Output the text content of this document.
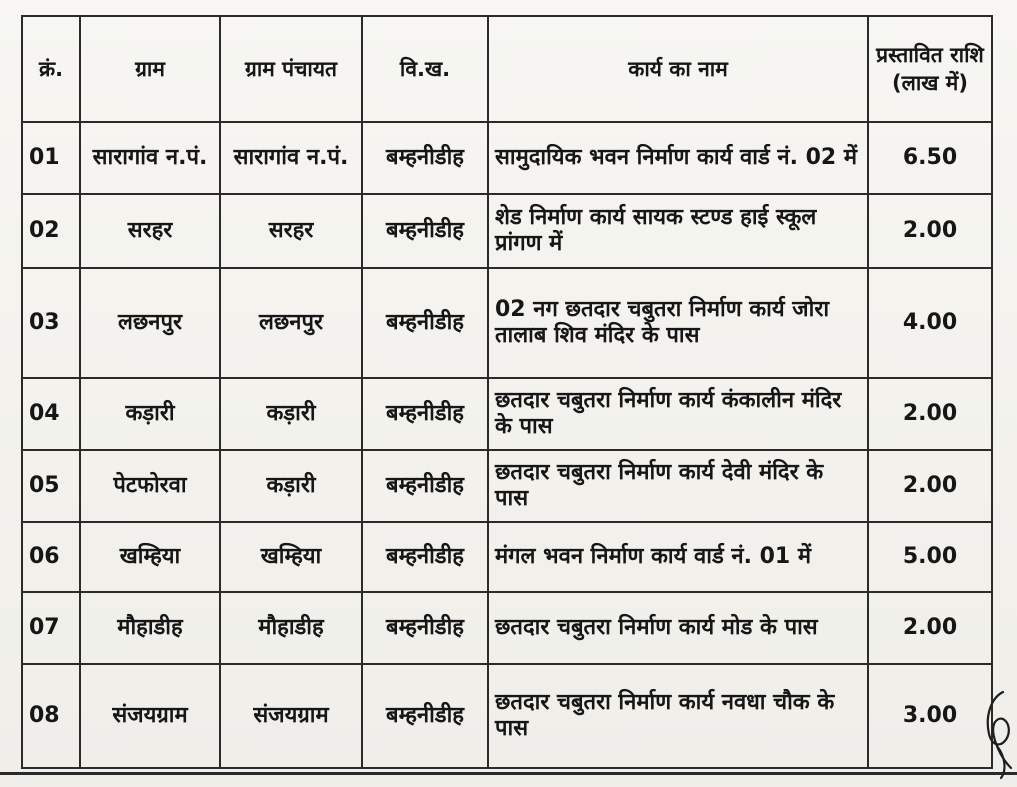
क्रं.	ग्राम	ग्राम पंचायत	वि.ख.	कार्य का नाम	प्रस्तावित राशि (लाख में)
01	सारागांव न.पं.	सारागांव न.पं.	बम्हनीडीह	सामुदायिक भवन निर्माण कार्य वार्ड नं. 02 में	6.50
02	सरहर	सरहर	बम्हनीडीह	शेड निर्माण कार्य सायक स्टण्ड हाई स्कूल प्रांगण में	2.00
03	लछनपुर	लछनपुर	बम्हनीडीह	02 नग छतदार चबुतरा निर्माण कार्य जोरा तालाब शिव मंदिर के पास	4.00
04	कड़ारी	कड़ारी	बम्हनीडीह	छतदार चबुतरा निर्माण कार्य कंकालीन मंदिर के पास	2.00
05	पेटफोरवा	कड़ारी	बम्हनीडीह	छतदार चबुतरा निर्माण कार्य देवी मंदिर के पास	2.00
06	खम्हिया	खम्हिया	बम्हनीडीह	मंगल भवन निर्माण कार्य वार्ड नं. 01 में	5.00
07	मौहाडीह	मौहाडीह	बम्हनीडीह	छतदार चबुतरा निर्माण कार्य मोड के पास	2.00
08	संजयग्राम	संजयग्राम	बम्हनीडीह	छतदार चबुतरा निर्माण कार्य नवधा चौक के पास	3.00
